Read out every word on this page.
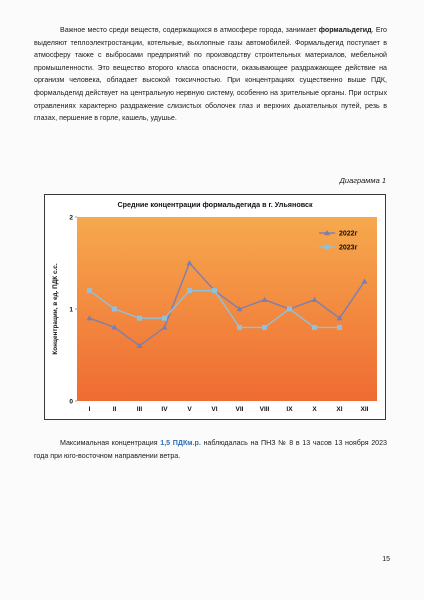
Важное место среди веществ, содержащихся в атмосфере города, занимает формальдегид. Его выделяют теплоэлектростанции, котельные, выхлопные газы автомобилей. Формальдегид поступает в атмосферу также с выбросами предприятий по производству строительных материалов, мебельной промышленности. Это вещество второго класса опасности, оказывающее раздражающее действие на организм человека, обладает высокой токсичностью. При концентрациях существенно выше ПДК, формальдегид действует на центральную нервную систему, особенно на зрительные органы. При острых отравлениях характерно раздражение слизистых оболочек глаз и верхних дыхательных путей, резь в глазах, першение в горле, кашель, удушье.

Диаграмма 1

Средние концентрации формальдегида в г. Ульяновск
Концентрации, в ед. ПДК с.с.
0
1
2
I	II	III	IV	V	VI	VII VIII	IX	X	XI	XII
2022г
2023г

Максимальная концентрация 1,5 ПДКм.р. наблюдалась на ПНЗ № 8 в 13 часов 13 ноября 2023 года при юго-восточном направлении ветра.

15
